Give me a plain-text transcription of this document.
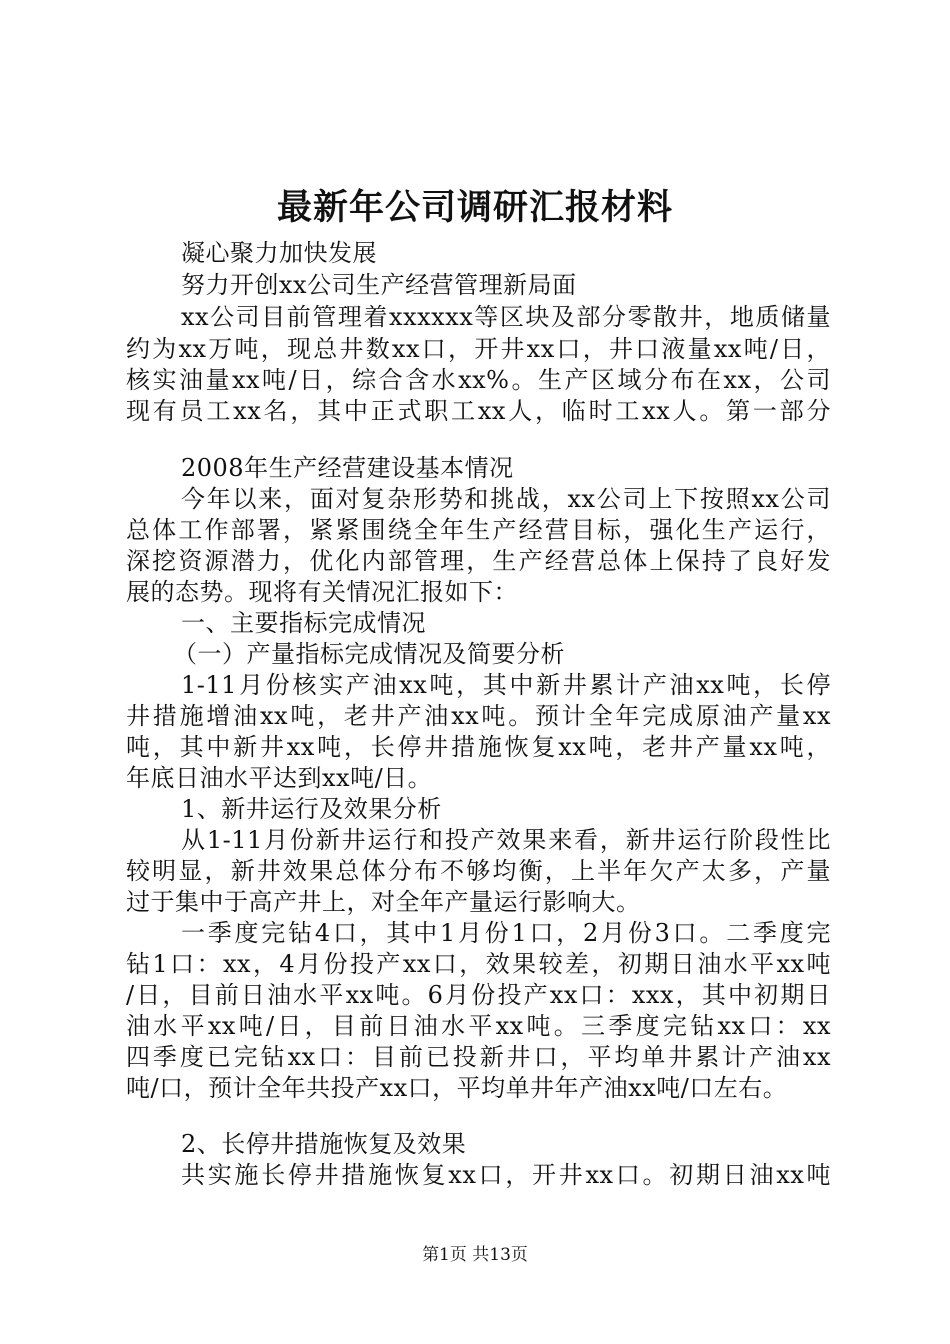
最新年公司调研汇报材料
凝心聚力加快发展
努力开创xx公司生产经营管理新局面
xx公司目前管理着xxxxxx等区块及部分零散井，地质储量
约为xx万吨，现总井数xx口，开井xx口，井口液量xx吨/日，
核实油量xx吨/日，综合含水xx%。生产区域分布在xx，公司
现有员工xx名，其中正式职工xx人，临时工xx人。第一部分
2008年生产经营建设基本情况
今年以来，面对复杂形势和挑战，xx公司上下按照xx公司
总体工作部署，紧紧围绕全年生产经营目标，强化生产运行，
深挖资源潜力，优化内部管理，生产经营总体上保持了良好发
展的态势。现将有关情况汇报如下：
一、主要指标完成情况
（一）产量指标完成情况及简要分析
1-11月份核实产油xx吨，其中新井累计产油xx吨，长停
井措施增油xx吨，老井产油xx吨。预计全年完成原油产量xx
吨，其中新井xx吨，长停井措施恢复xx吨，老井产量xx吨，
年底日油水平达到xx吨/日。
1、新井运行及效果分析
从1-11月份新井运行和投产效果来看，新井运行阶段性比
较明显，新井效果总体分布不够均衡，上半年欠产太多，产量
过于集中于高产井上，对全年产量运行影响大。
一季度完钻4口，其中1月份1口，2月份3口。二季度完
钻1口：xx，4月份投产xx口，效果较差，初期日油水平xx吨
/日，目前日油水平xx吨。6月份投产xx口：xxx，其中初期日
油水平xx吨/日，目前日油水平xx吨。三季度完钻xx口：xx
四季度已完钻xx口：目前已投新井口，平均单井累计产油xx
吨/口，预计全年共投产xx口，平均单井年产油xx吨/口左右。
2、长停井措施恢复及效果
共实施长停井措施恢复xx口，开井xx口。初期日油xx吨
第1页 共13页
